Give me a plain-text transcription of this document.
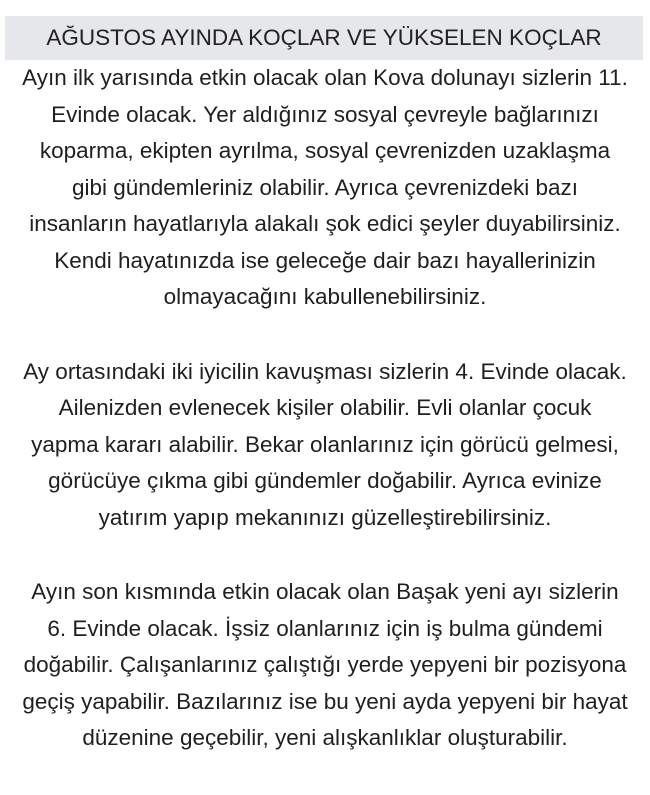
AĞUSTOS AYINDA KOÇLAR VE YÜKSELEN KOÇLAR

Ayın ilk yarısında etkin olacak olan Kova dolunayı sizlerin 11.
Evinde olacak. Yer aldığınız sosyal çevreyle bağlarınızı
koparma, ekipten ayrılma, sosyal çevrenizden uzaklaşma
gibi gündemleriniz olabilir. Ayrıca çevrenizdeki bazı
insanların hayatlarıyla alakalı şok edici şeyler duyabilirsiniz.
Kendi hayatınızda ise geleceğe dair bazı hayallerinizin
olmayacağını kabullenebilirsiniz.

Ay ortasındaki iki iyicilin kavuşması sizlerin 4. Evinde olacak.
Ailenizden evlenecek kişiler olabilir. Evli olanlar çocuk
yapma kararı alabilir. Bekar olanlarınız için görücü gelmesi,
görücüye çıkma gibi gündemler doğabilir. Ayrıca evinize
yatırım yapıp mekanınızı güzelleştirebilirsiniz.

Ayın son kısmında etkin olacak olan Başak yeni ayı sizlerin
6. Evinde olacak. İşsiz olanlarınız için iş bulma gündemi
doğabilir. Çalışanlarınız çalıştığı yerde yepyeni bir pozisyona
geçiş yapabilir. Bazılarınız ise bu yeni ayda yepyeni bir hayat
düzenine geçebilir, yeni alışkanlıklar oluşturabilir.
